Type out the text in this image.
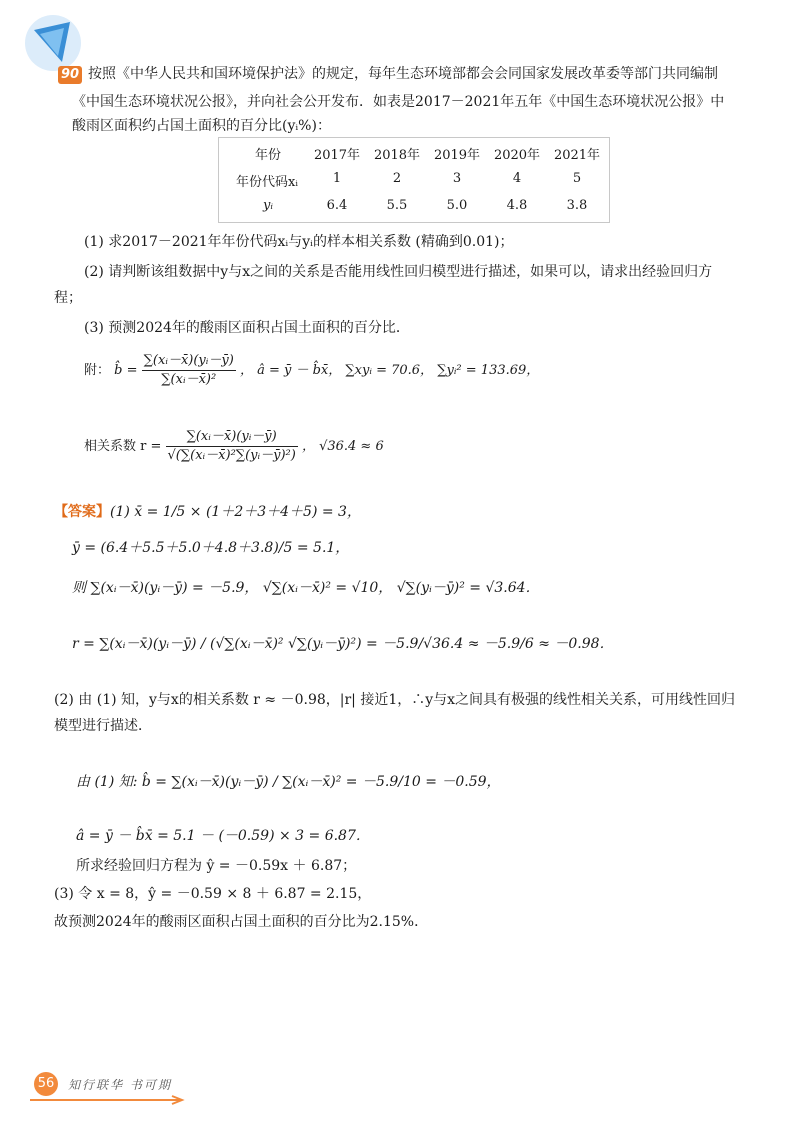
90 按照《中华人民共和国环境保护法》的规定，每年生态环境部都会会同国家发展改革委等部门共同编制
《中国生态环境状况公报》，并向社会公开发布．如表是2017－2021年五年《中国生态环境状况公报》中
酸雨区面积约占国土面积的百分比(yᵢ%)：
年份	2017年	2018年	2019年	2020年	2021年
年份代码xᵢ	1	2	3	4	5
yᵢ	6.4	5.5	5.0	4.8	3.8
(1) 求2017－2021年年份代码xᵢ与yᵢ的样本相关系数 (精确到0.01)；
(2) 请判断该组数据中y与x之间的关系是否能用线性回归模型进行描述，如果可以，请求出经验回归方
程；
(3) 预测2024年的酸雨区面积占国土面积的百分比．
附： b̂ = $\frac{\text{∑(xᵢ－x̄)(yᵢ－ȳ)}}{\text{∑(xᵢ－x̄)²}}$ ， â = ȳ － b̂x̄， ∑xyᵢ = 70.6， ∑yᵢ² = 133.69，
相关系数 $r = \frac{\text{∑(xᵢ－x̄)(yᵢ－ȳ)}}{\text{√(∑(xᵢ－x̄)²∑(yᵢ－ȳ)²)}}$ ， √36.4 ≈ 6
【答案】(1) x̄ = 1/5 × (1＋2＋3＋4＋5) = 3，
ȳ = (6.4＋5.5＋5.0＋4.8＋3.8)/5 = 5.1，
则 ∑(xᵢ－x̄)(yᵢ－ȳ) = －5.9， √∑(xᵢ－x̄)² = √10， √∑(yᵢ－ȳ)² = √3.64．
r = ∑(xᵢ－x̄)(yᵢ－ȳ) / (√∑(xᵢ－x̄)² √∑(yᵢ－ȳ)²) = －5.9/√36.4 ≈ －5.9/6 ≈ －0.98．
(2) 由 (1) 知，y与x的相关系数 r ≈ －0.98，|r| 接近1，∴y与x之间具有极强的线性相关关系，可用线性回归
模型进行描述．
由 (1) 知: b̂ = ∑(xᵢ－x̄)(yᵢ－ȳ) / ∑(xᵢ－x̄)² = －5.9/10 = －0.59，
â = ȳ － b̂x̄ = 5.1 － (－0.59) × 3 = 6.87．
所求经验回归方程为 ŷ = －0.59x ＋ 6.87；
(3) 令 x = 8，ŷ = －0.59 × 8 ＋ 6.87 = 2.15，
故预测2024年的酸雨区面积占国土面积的百分比为2.15%．
56	知行联华 书可期
